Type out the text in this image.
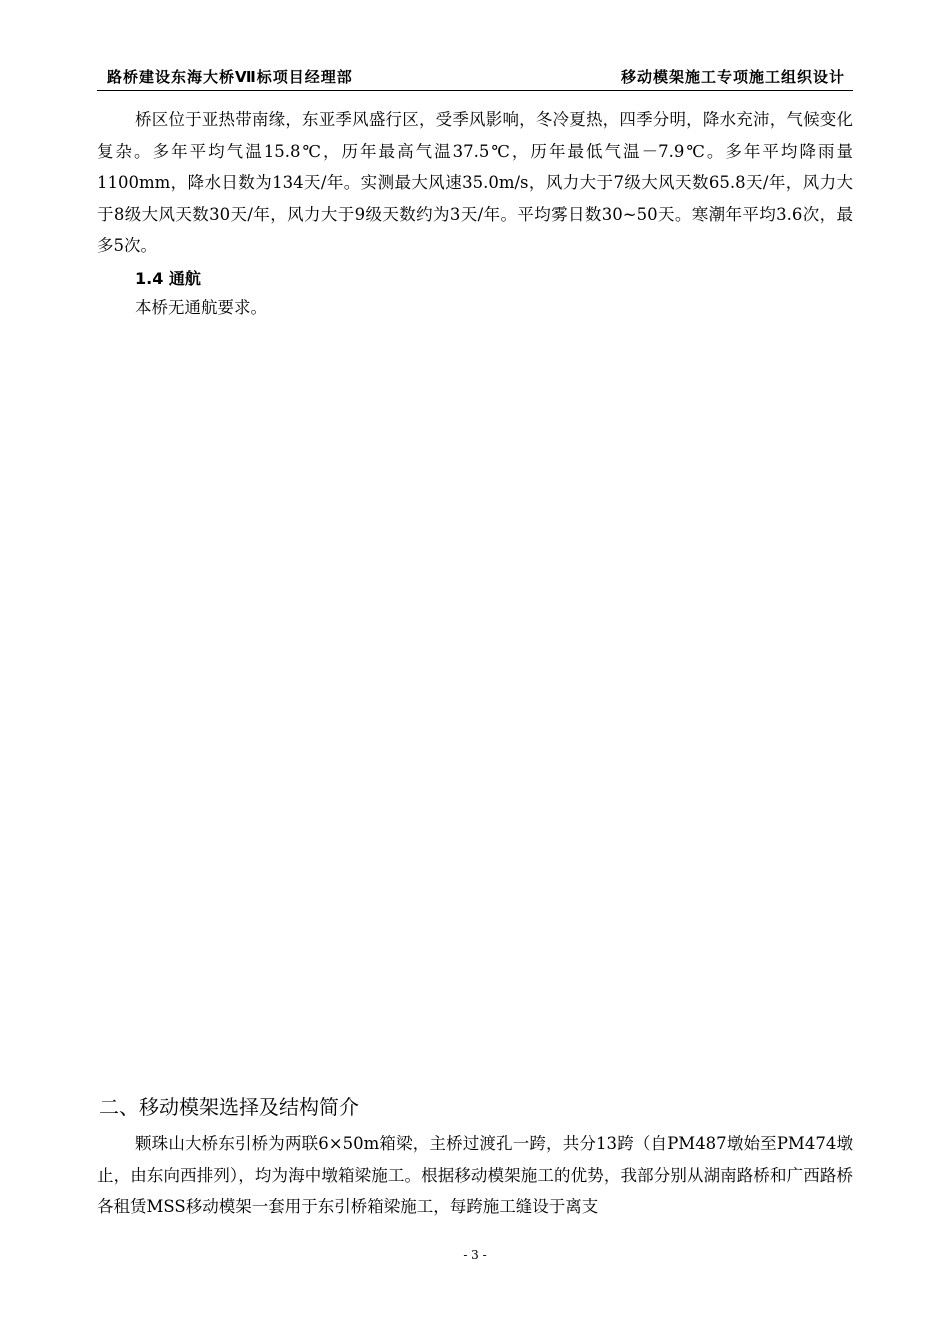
路桥建设东海大桥Ⅶ标项目经理部	移动模架施工专项施工组织设计

桥区位于亚热带南缘，东亚季风盛行区，受季风影响，冬冷夏热，四季分明，降水充沛，气候变化复杂。多年平均气温15.8℃，历年最高气温37.5℃，历年最低气温－7.9℃。多年平均降雨量1100mm，降水日数为134天/年。实测最大风速35.0m/s，风力大于7级大风天数65.8天/年，风力大于8级大风天数30天/年，风力大于9级天数约为3天/年。平均雾日数30~50天。寒潮年平均3.6次，最多5次。

1.4 通航

本桥无通航要求。

二、移动模架选择及结构简介

颗珠山大桥东引桥为两联6×50m箱梁，主桥过渡孔一跨，共分13跨（自PM487墩始至PM474墩止，由东向西排列），均为海中墩箱梁施工。根据移动模架施工的优势，我部分别从湖南路桥和广西路桥各租赁MSS移动模架一套用于东引桥箱梁施工，每跨施工缝设于离支

- 3 -
